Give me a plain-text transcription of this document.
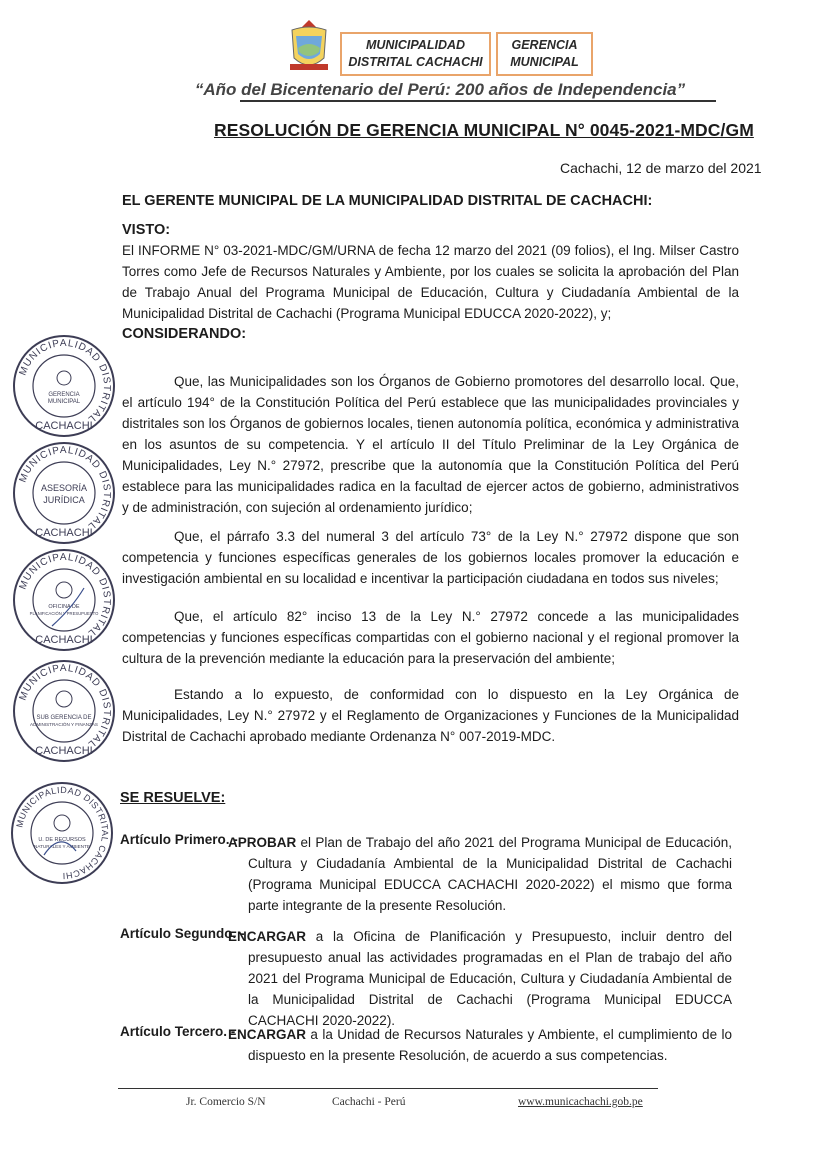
MUNICIPALIDAD
DISTRITAL CACHACHI
GERENCIA
MUNICIPAL
“Año del Bicentenario del Perú: 200 años de Independencia”
RESOLUCIÓN DE GERENCIA MUNICIPAL N° 0045-2021-MDC/GM
Cachachi, 12 de marzo del 2021
EL GERENTE MUNICIPAL DE LA MUNICIPALIDAD DISTRITAL DE CACHACHI:
VISTO:
El INFORME N° 03-2021-MDC/GM/URNA de fecha 12 marzo del 2021 (09 folios), el Ing. Milser Castro Torres como Jefe de Recursos Naturales y Ambiente, por los cuales se solicita la aprobación del Plan de Trabajo Anual del Programa Municipal de Educación, Cultura y Ciudadanía Ambiental de la Municipalidad Distrital de Cachachi (Programa Municipal EDUCCA 2020-2022), y;
CONSIDERANDO:
Que, las Municipalidades son los Órganos de Gobierno promotores del desarrollo local. Que, el artículo 194° de la Constitución Política del Perú establece que las municipalidades provinciales y distritales son los Órganos de gobiernos locales, tienen autonomía política, económica y administrativa en los asuntos de su competencia. Y el artículo II del Título Preliminar de la Ley Orgánica de Municipalidades, Ley N.° 27972, prescribe que la autonomía que la Constitución Política del Perú establece para las municipalidades radica en la facultad de ejercer actos de gobierno, administrativos y de administración, con sujeción al ordenamiento jurídico;
Que, el párrafo 3.3 del numeral 3 del artículo 73° de la Ley N.° 27972 dispone que son competencia y funciones específicas generales de los gobiernos locales promover la educación e investigación ambiental en su localidad e incentivar la participación ciudadana en todos sus niveles;
Que, el artículo 82° inciso 13 de la Ley N.° 27972 concede a las municipalidades competencias y funciones específicas compartidas con el gobierno nacional y el regional promover la cultura de la prevención mediante la educación para la preservación del ambiente;
Estando a lo expuesto, de conformidad con lo dispuesto en la Ley Orgánica de Municipalidades, Ley N.° 27972 y el Reglamento de Organizaciones y Funciones de la Municipalidad Distrital de Cachachi aprobado mediante Ordenanza N° 007-2019-MDC.
SE RESUELVE:
Artículo Primero. -
APROBAR el Plan de Trabajo del año 2021 del Programa Municipal de Educación, Cultura y Ciudadanía Ambiental de la Municipalidad Distrital de Cachachi (Programa Municipal EDUCCA CACHACHI 2020-2022) el mismo que forma parte integrante de la presente Resolución.
Artículo Segundo. -
ENCARGAR a la Oficina de Planificación y Presupuesto, incluir dentro del presupuesto anual las actividades programadas en el Plan de trabajo del año 2021 del Programa Municipal de Educación, Cultura y Ciudadanía Ambiental de la Municipalidad Distrital de Cachachi (Programa Municipal EDUCCA CACHACHI 2020-2022).
Artículo Tercero. -
ENCARGAR a la Unidad de Recursos Naturales y Ambiente, el cumplimiento de lo dispuesto en la presente Resolución, de acuerdo a sus competencias.
MUNICIPALIDAD DISTRITAL
CACHACHI
GERENCIA
MUNICIPAL
MUNICIPALIDAD DISTRITAL
CACHACHI
ASESORÍA
JURÍDICA
MUNICIPALIDAD DISTRITAL
CACHACHI
OFICINA DE
PLANIFICACIÓN Y PRESUPUESTO
MUNICIPALIDAD DISTRITAL
CACHACHI
SUB GERENCIA DE
ADMINISTRACIÓN Y FINANZAS
MUNICIPALIDAD DISTRITAL CACHACHI
U. DE RECURSOS
NATURALES Y AMBIENTE
Jr. Comercio S/N	Cachachi - Perú	www.municachachi.gob.pe
